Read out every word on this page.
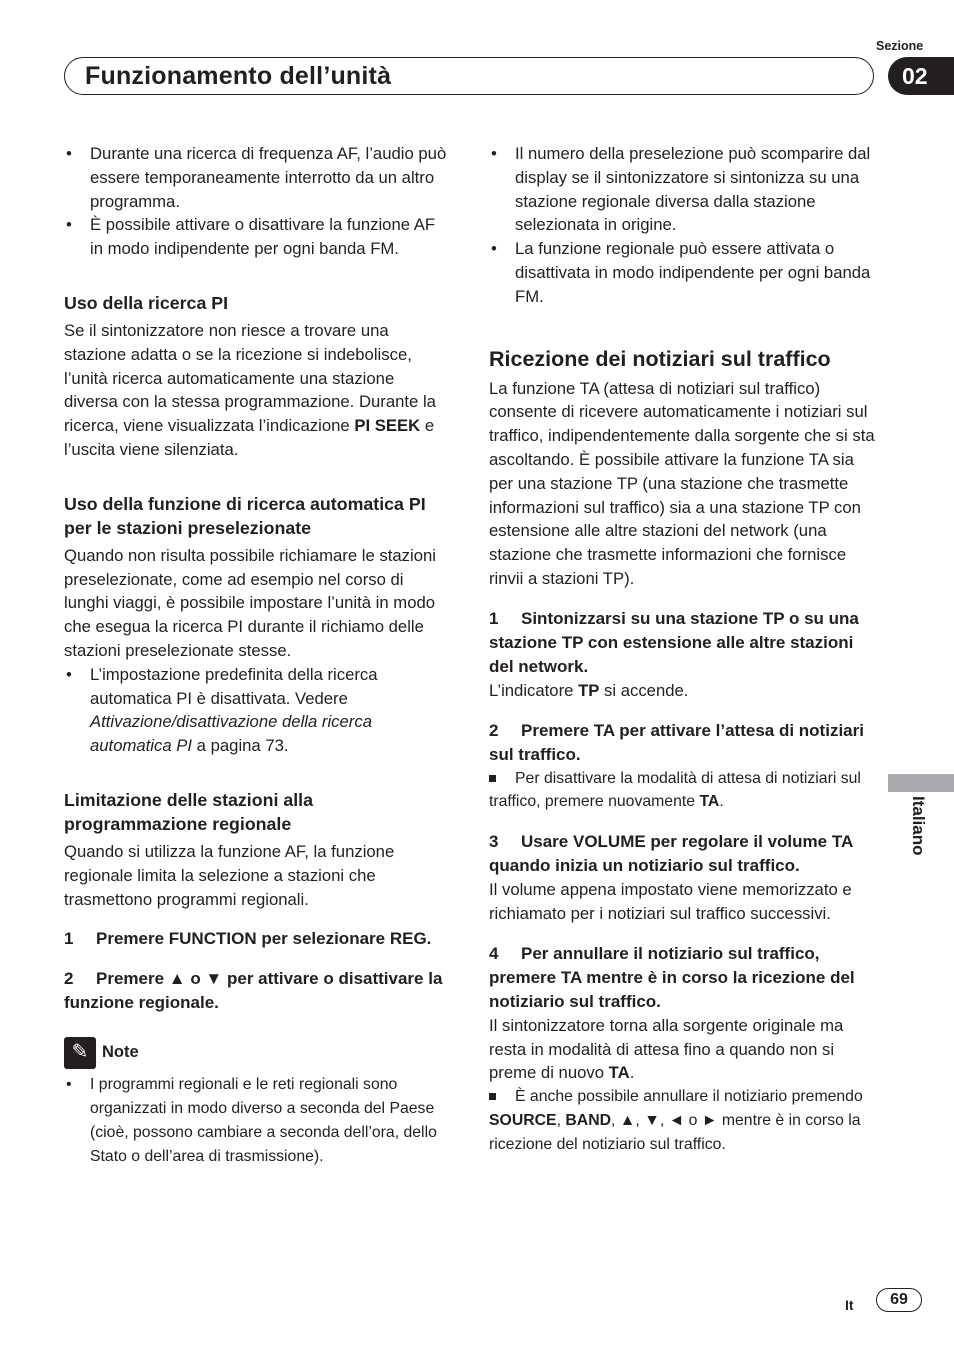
Funzionamento dell’unità
Sezione
02
Italiano

• Durante una ricerca di frequenza AF, l’audio può essere temporaneamente interrotto da un altro programma.

• È possibile attivare o disattivare la funzione AF in modo indipendente per ogni banda FM.

Uso della ricerca PI

Se il sintonizzatore non riesce a trovare una stazione adatta o se la ricezione si indebolisce, l’unità ricerca automaticamente una stazione diversa con la stessa programmazione. Durante la ricerca, viene visualizzata l’indicazione PI SEEK e l’uscita viene silenziata.

Uso della funzione di ricerca automatica PI per le stazioni preselezionate

Quando non risulta possibile richiamare le stazioni preselezionate, come ad esempio nel corso di lunghi viaggi, è possibile impostare l’unità in modo che esegua la ricerca PI durante il richiamo delle stazioni preselezionate stesse.

• L’impostazione predefinita della ricerca automatica PI è disattivata. Vedere Attivazione/disattivazione della ricerca automatica PI a pagina 73.

Limitazione delle stazioni alla programmazione regionale

Quando si utilizza la funzione AF, la funzione regionale limita la selezione a stazioni che trasmettono programmi regionali.

1 Premere FUNCTION per selezionare REG.

2 Premere ▲ o ▼ per attivare o disattivare la funzione regionale.

✎ Note

• I programmi regionali e le reti regionali sono organizzati in modo diverso a seconda del Paese (cioè, possono cambiare a seconda dell’ora, dello Stato o dell’area di trasmissione).

• Il numero della preselezione può scomparire dal display se il sintonizzatore si sintonizza su una stazione regionale diversa dalla stazione selezionata in origine.

• La funzione regionale può essere attivata o disattivata in modo indipendente per ogni banda FM.

Ricezione dei notiziari sul traffico

La funzione TA (attesa di notiziari sul traffico) consente di ricevere automaticamente i notiziari sul traffico, indipendentemente dalla sorgente che si sta ascoltando. È possibile attivare la funzione TA sia per una stazione TP (una stazione che trasmette informazioni sul traffico) sia a una stazione TP con estensione alle altre stazioni del network (una stazione che trasmette informazioni che fornisce rinvii a stazioni TP).

1 Sintonizzarsi su una stazione TP o su una stazione TP con estensione alle altre stazioni del network.

L’indicatore TP si accende.

2 Premere TA per attivare l’attesa di notiziari sul traffico.

Per disattivare la modalità di attesa di notiziari sul traffico, premere nuovamente TA.

3 Usare VOLUME per regolare il volume TA quando inizia un notiziario sul traffico.

Il volume appena impostato viene memorizzato e richiamato per i notiziari sul traffico successivi.

4 Per annullare il notiziario sul traffico, premere TA mentre è in corso la ricezione del notiziario sul traffico.

Il sintonizzatore torna alla sorgente originale ma resta in modalità di attesa fino a quando non si preme di nuovo TA.

È anche possibile annullare il notiziario premendo SOURCE, BAND, ▲, ▼, ◄ o ► mentre è in corso la ricezione del notiziario sul traffico.

It	69
